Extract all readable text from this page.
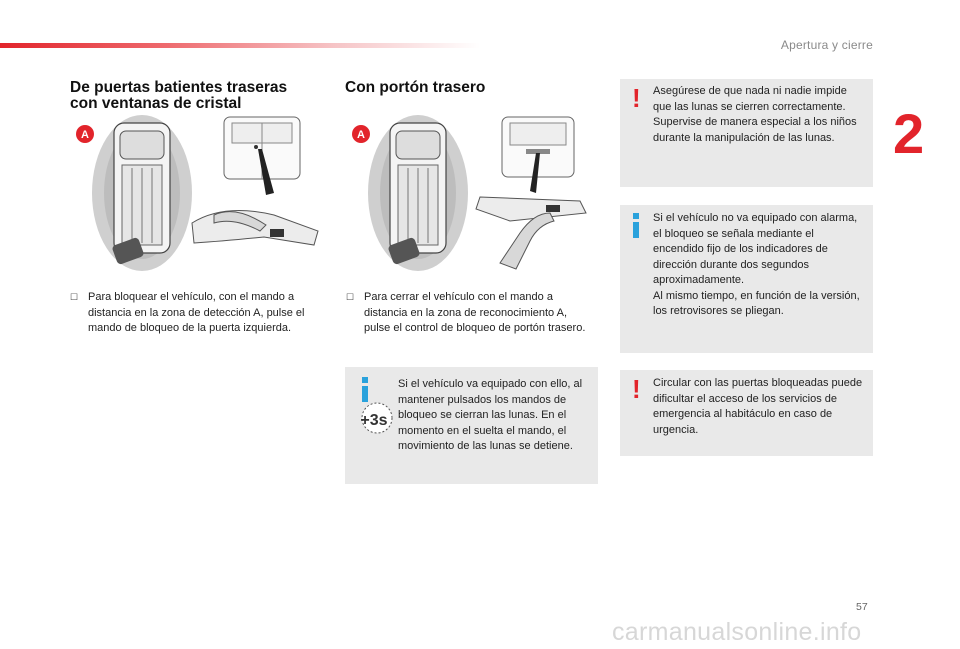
Apertura y cierre
2
De puertas batientes traseras
con ventanas de cristal
A
☐ Para bloquear el vehículo, con el mando a distancia en la zona de detección A, pulse el mando de bloqueo de la puerta izquierda.
Con portón trasero
A
☐ Para cerrar el vehículo con el mando a distancia en la zona de reconocimiento A, pulse el control de bloqueo de portón trasero.
+3s
Si el vehículo va equipado con ello, al mantener pulsados los mandos de bloqueo se cierran las lunas. En el momento en el suelta el mando, el movimiento de las lunas se detiene.
! Asegúrese de que nada ni nadie impide que las lunas se cierren correctamente. Supervise de manera especial a los niños durante la manipulación de las lunas.
Si el vehículo no va equipado con alarma, el bloqueo se señala mediante el encendido fijo de los indicadores de dirección durante dos segundos aproximadamente.
Al mismo tiempo, en función de la versión, los retrovisores se pliegan.
! Circular con las puertas bloqueadas puede dificultar el acceso de los servicios de emergencia al habitáculo en caso de urgencia.
57
carmanualsonline.info
